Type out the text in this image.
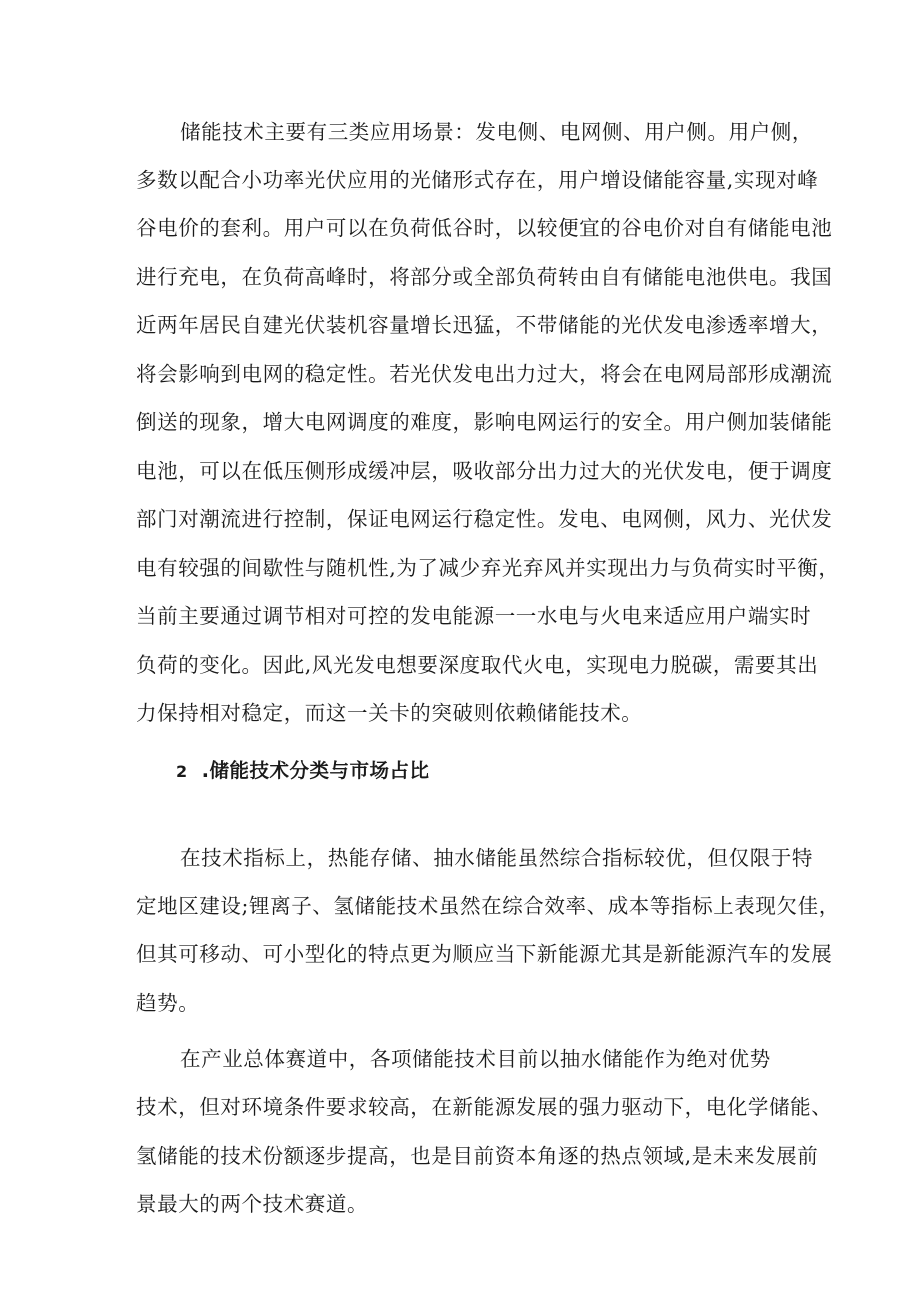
储能技术主要有三类应用场景：发电侧、电网侧、用户侧。用户侧，
多数以配合小功率光伏应用的光储形式存在，用户增设储能容量,实现对峰
谷电价的套利。用户可以在负荷低谷时，以较便宜的谷电价对自有储能电池
进行充电，在负荷高峰时，将部分或全部负荷转由自有储能电池供电。我国
近两年居民自建光伏装机容量增长迅猛，不带储能的光伏发电渗透率增大，
将会影响到电网的稳定性。若光伏发电出力过大，将会在电网局部形成潮流
倒送的现象，增大电网调度的难度，影响电网运行的安全。用户侧加装储能
电池，可以在低压侧形成缓冲层，吸收部分出力过大的光伏发电，便于调度
部门对潮流进行控制，保证电网运行稳定性。发电、电网侧，风力、光伏发
电有较强的间歇性与随机性,为了减少弃光弃风并实现出力与负荷实时平衡，
当前主要通过调节相对可控的发电能源一一水电与火电来适应用户端实时
负荷的变化。因此,风光发电想要深度取代火电，实现电力脱碳，需要其出
力保持相对稳定，而这一关卡的突破则依赖储能技术。
2 .储能技术分类与市场占比
在技术指标上，热能存储、抽水储能虽然综合指标较优，但仅限于特
定地区建设;锂离子、氢储能技术虽然在综合效率、成本等指标上表现欠佳，
但其可移动、可小型化的特点更为顺应当下新能源尤其是新能源汽车的发展
趋势。
在产业总体赛道中，各项储能技术目前以抽水储能作为绝对优势
技术，但对环境条件要求较高，在新能源发展的强力驱动下，电化学储能、
氢储能的技术份额逐步提高，也是目前资本角逐的热点领域,是未来发展前
景最大的两个技术赛道。
